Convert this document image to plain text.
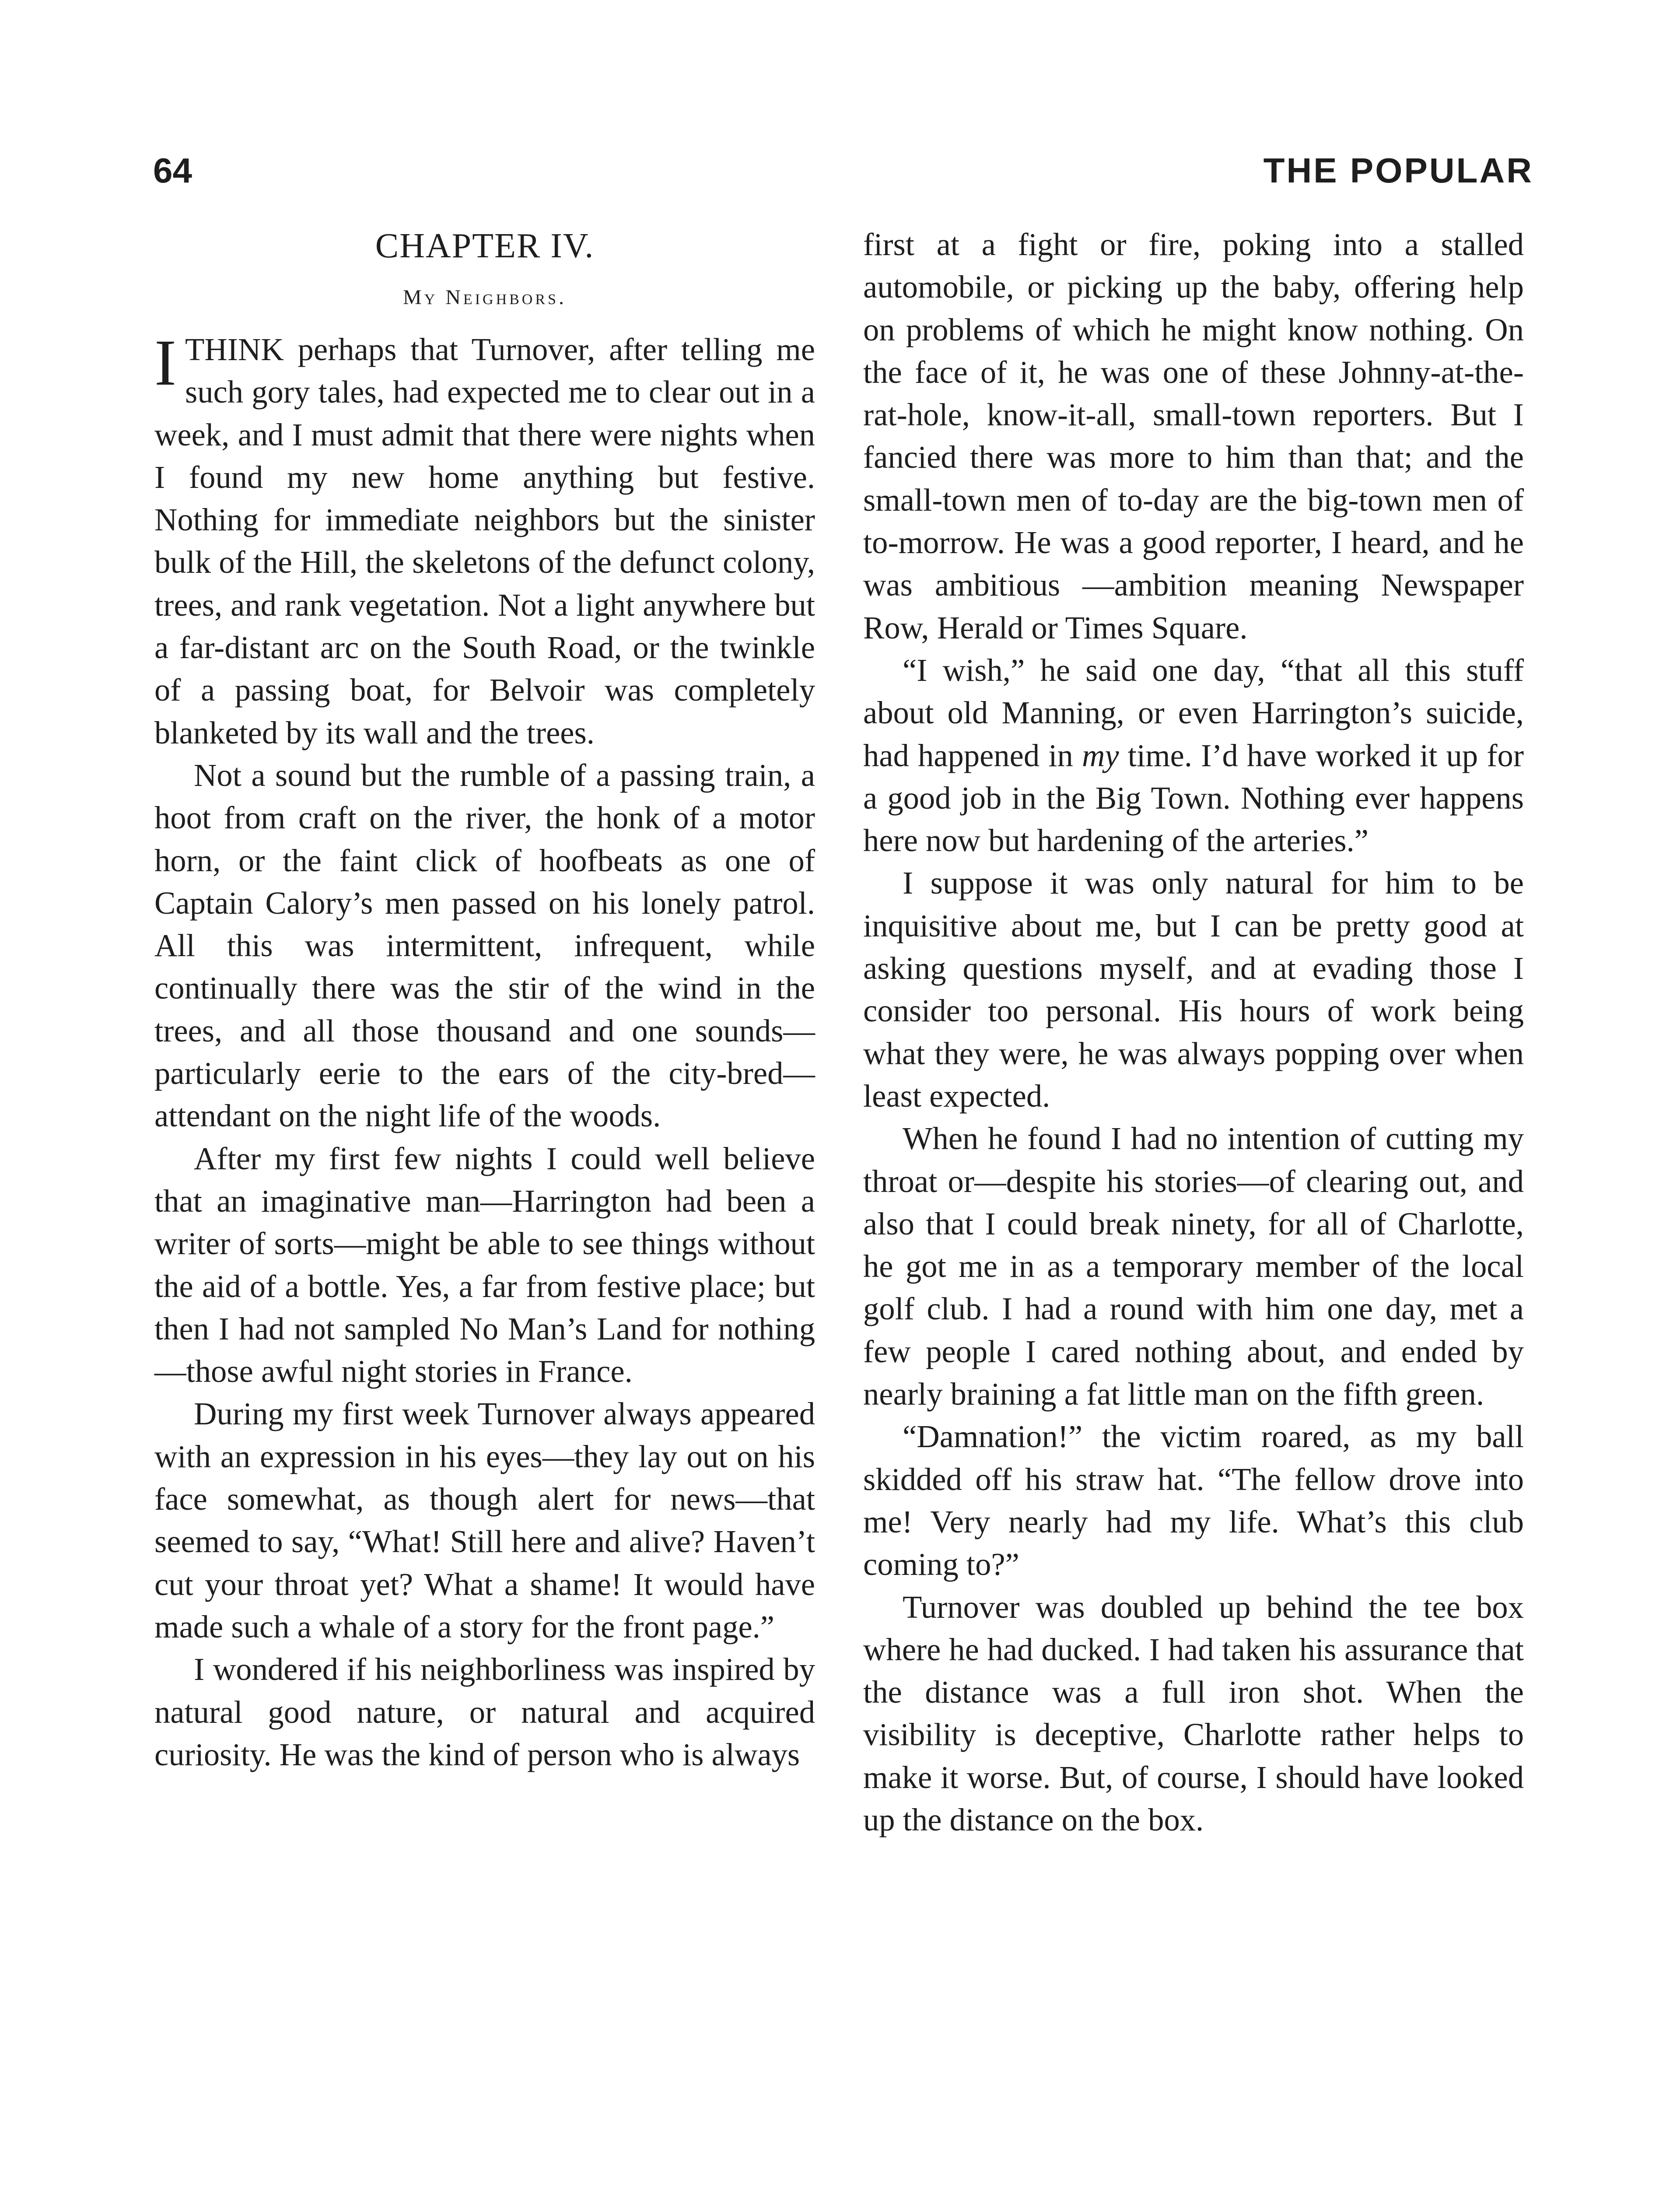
64	THE POPULAR
CHAPTER IV.
My Neighbors.

ITHINK perhaps that Turnover, after telling me such gory tales, had expected me to clear out in a week, and I must admit that there were nights when I found my new home anything but festive. Nothing for immediate neighbors but the sinister bulk of the Hill, the skeletons of the defunct colony, trees, and rank vegetation. Not a light anywhere but a far-distant arc on the South Road, or the twinkle of a passing boat, for Belvoir was completely blanketed by its wall and the trees.

Not a sound but the rumble of a passing train, a hoot from craft on the river, the honk of a motor horn, or the faint click of hoofbeats as one of Captain Calory’s men passed on his lonely patrol. All this was intermittent, infrequent, while continually there was the stir of the wind in the trees, and all those thousand and one sounds—particularly eerie to the ears of the city-bred—attendant on the night life of the woods.

After my first few nights I could well believe that an imaginative man—Harrington had been a writer of sorts—might be able to see things without the aid of a bottle. Yes, a far from festive place; but then I had not sampled No Man’s Land for nothing—those awful night stories in France.

During my first week Turnover always appeared with an expression in his eyes—they lay out on his face somewhat, as though alert for news—that seemed to say, “What! Still here and alive? Haven’t cut your throat yet? What a shame! It would have made such a whale of a story for the front page.”

I wondered if his neighborliness was inspired by natural good nature, or natural and acquired curiosity. He was the kind of person who is always

first at a fight or fire, poking into a stalled automobile, or picking up the baby, offering help on problems of which he might know nothing. On the face of it, he was one of these Johnny-at-the-rat-hole, know-it-all, small-town reporters. But I fancied there was more to him than that; and the small-town men of to-day are the big-town men of to-morrow. He was a good reporter, I heard, and he was ambitious —ambition meaning Newspaper Row, Herald or Times Square.

“I wish,” he said one day, “that all this stuff about old Manning, or even Harrington’s suicide, had happened in my time. I’d have worked it up for a good job in the Big Town. Nothing ever happens here now but hardening of the arteries.”

I suppose it was only natural for him to be inquisitive about me, but I can be pretty good at asking questions myself, and at evading those I consider too personal. His hours of work being what they were, he was always popping over when least expected.

When he found I had no intention of cutting my throat or—despite his stories—of clearing out, and also that I could break ninety, for all of Charlotte, he got me in as a temporary member of the local golf club. I had a round with him one day, met a few people I cared nothing about, and ended by nearly braining a fat little man on the fifth green.

“Damnation!” the victim roared, as my ball skidded off his straw hat. “The fellow drove into me! Very nearly had my life. What’s this club coming to?”

Turnover was doubled up behind the tee box where he had ducked. I had taken his assurance that the distance was a full iron shot. When the visibility is deceptive, Charlotte rather helps to make it worse. But, of course, I should have looked up the distance on the box.
